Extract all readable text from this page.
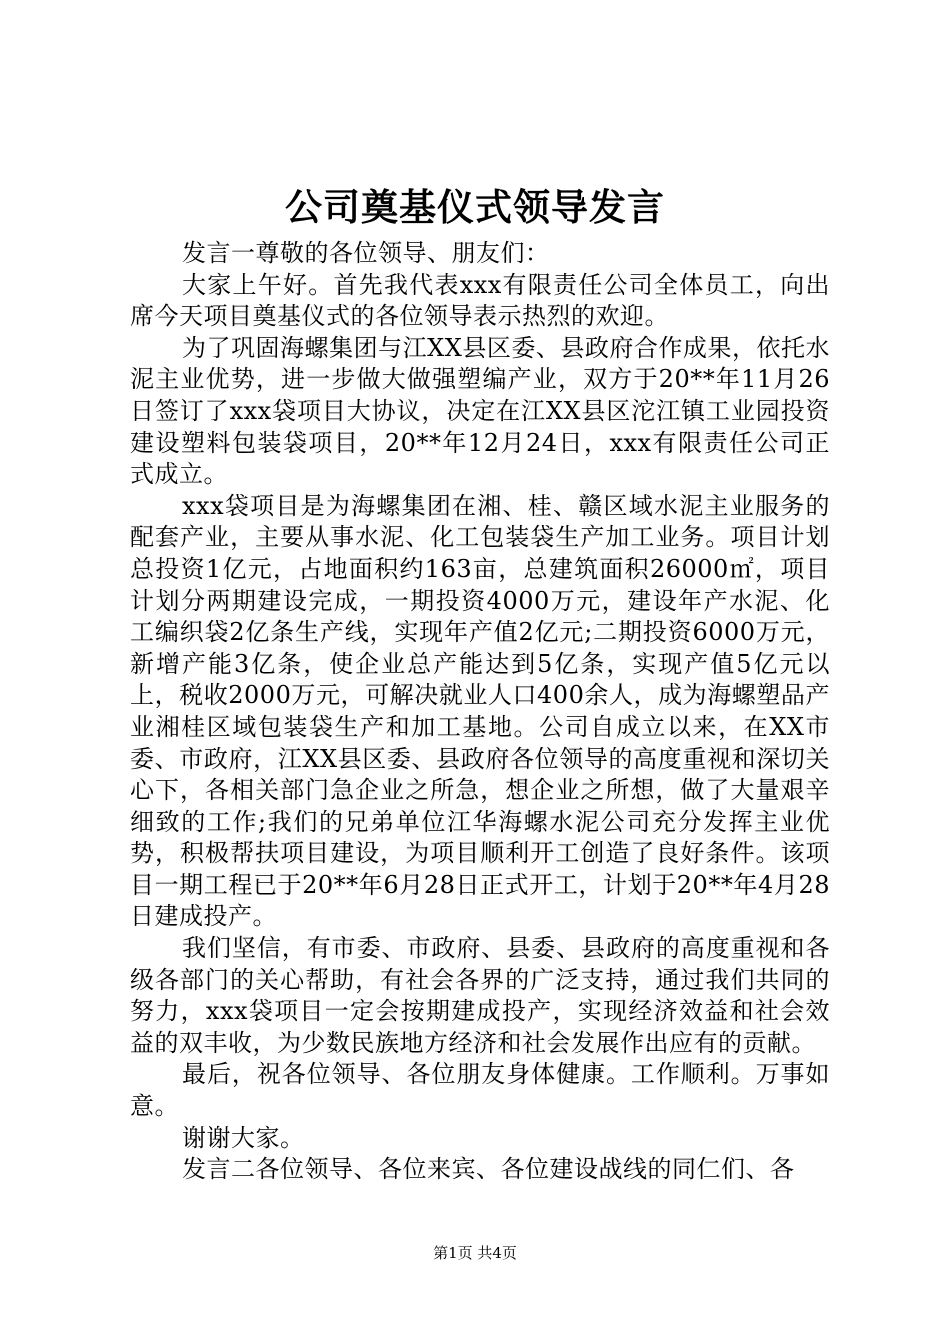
公司奠基仪式领导发言

发言一尊敬的各位领导、朋友们：

大家上午好。首先我代表xxx有限责任公司全体员工，向出席今天项目奠基仪式的各位领导表示热烈的欢迎。

为了巩固海螺集团与江XX县区委、县政府合作成果，依托水泥主业优势，进一步做大做强塑编产业，双方于20**年11月26日签订了xxx袋项目大协议，决定在江XX县区沱江镇工业园投资建设塑料包装袋项目，20**年12月24日，xxx有限责任公司正式成立。

xxx袋项目是为海螺集团在湘、桂、赣区域水泥主业服务的配套产业，主要从事水泥、化工包装袋生产加工业务。项目计划总投资1亿元，占地面积约163亩，总建筑面积26000㎡，项目计划分两期建设完成，一期投资4000万元，建设年产水泥、化工编织袋2亿条生产线，实现年产值2亿元;二期投资6000万元，新增产能3亿条，使企业总产能达到5亿条，实现产值5亿元以上，税收2000万元，可解决就业人口400余人，成为海螺塑品产业湘桂区域包装袋生产和加工基地。公司自成立以来，在XX市委、市政府，江XX县区委、县政府各位领导的高度重视和深切关心下，各相关部门急企业之所急，想企业之所想，做了大量艰辛细致的工作;我们的兄弟单位江华海螺水泥公司充分发挥主业优势，积极帮扶项目建设，为项目顺利开工创造了良好条件。该项目一期工程已于20**年6月28日正式开工，计划于20**年4月28日建成投产。

我们坚信，有市委、市政府、县委、县政府的高度重视和各级各部门的关心帮助，有社会各界的广泛支持，通过我们共同的努力，xxx袋项目一定会按期建成投产，实现经济效益和社会效益的双丰收，为少数民族地方经济和社会发展作出应有的贡献。

最后，祝各位领导、各位朋友身体健康。工作顺利。万事如意。

谢谢大家。

发言二各位领导、各位来宾、各位建设战线的同仁们、各

第1页 共4页
